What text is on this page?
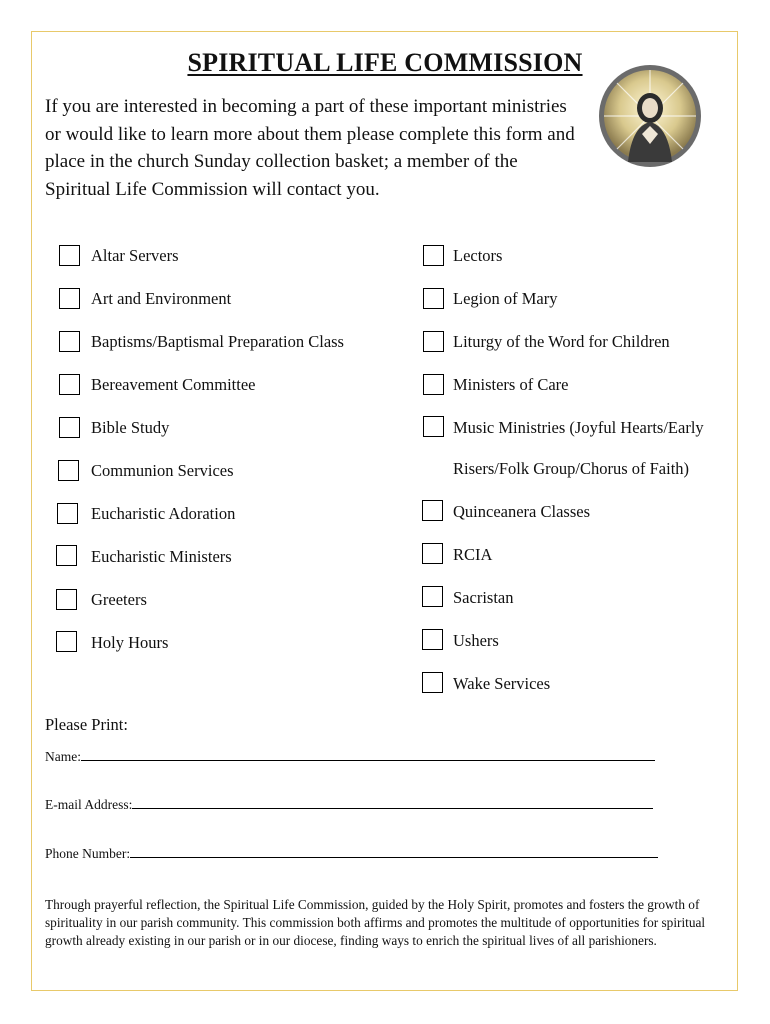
SPIRITUAL LIFE COMMISSION
If you are interested in becoming a part of these important ministries or would like to learn more about them please complete this form and place in the church Sunday collection basket; a member of the Spiritual Life Commission will contact you.
Altar Servers
Art and Environment
Baptisms/Baptismal Preparation Class
Bereavement Committee
Bible Study
Communion Services
Eucharistic Adoration
Eucharistic Ministers
Greeters
Holy Hours
Lectors
Legion of Mary
Liturgy of the Word for Children
Ministers of Care
Music Ministries (Joyful Hearts/Early
Risers/Folk Group/Chorus of Faith)
Quinceanera Classes
RCIA
Sacristan
Ushers
Wake Services
Please Print:
Name:
E-mail Address:
Phone Number:
Through prayerful reflection, the Spiritual Life Commission, guided by the Holy Spirit, promotes and fosters the growth of spirituality in our parish community. This commission both affirms and promotes the multitude of opportunities for spiritual growth already existing in our parish or in our diocese, finding ways to enrich the spiritual lives of all parishioners.
